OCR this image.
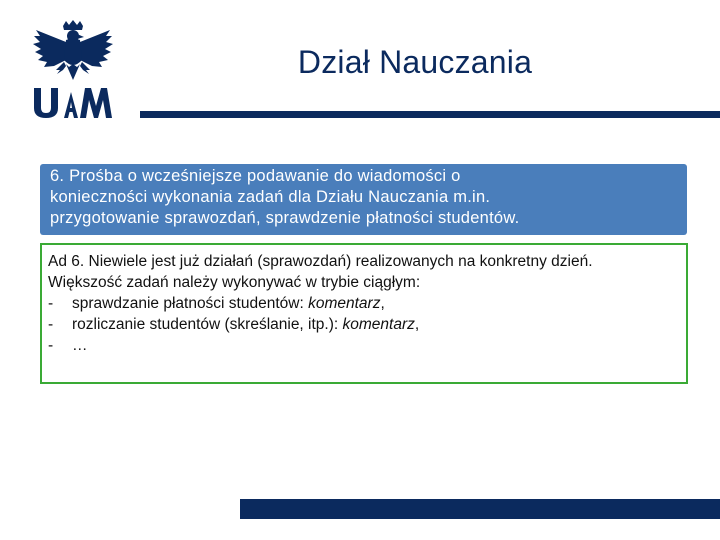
Dział Nauczania
6. Prośba o wcześniejsze podawanie do wiadomości o
konieczności wykonania zadań dla Działu Nauczania m.in.
przygotowanie sprawozdań, sprawdzenie płatności studentów.
Ad 6. Niewiele jest już działań (sprawozdań) realizowanych na konkretny dzień.
Większość zadań należy wykonywać w trybie ciągłym:
- sprawdzanie płatności studentów: komentarz,
- rozliczanie studentów (skreślanie, itp.): komentarz,
- …
